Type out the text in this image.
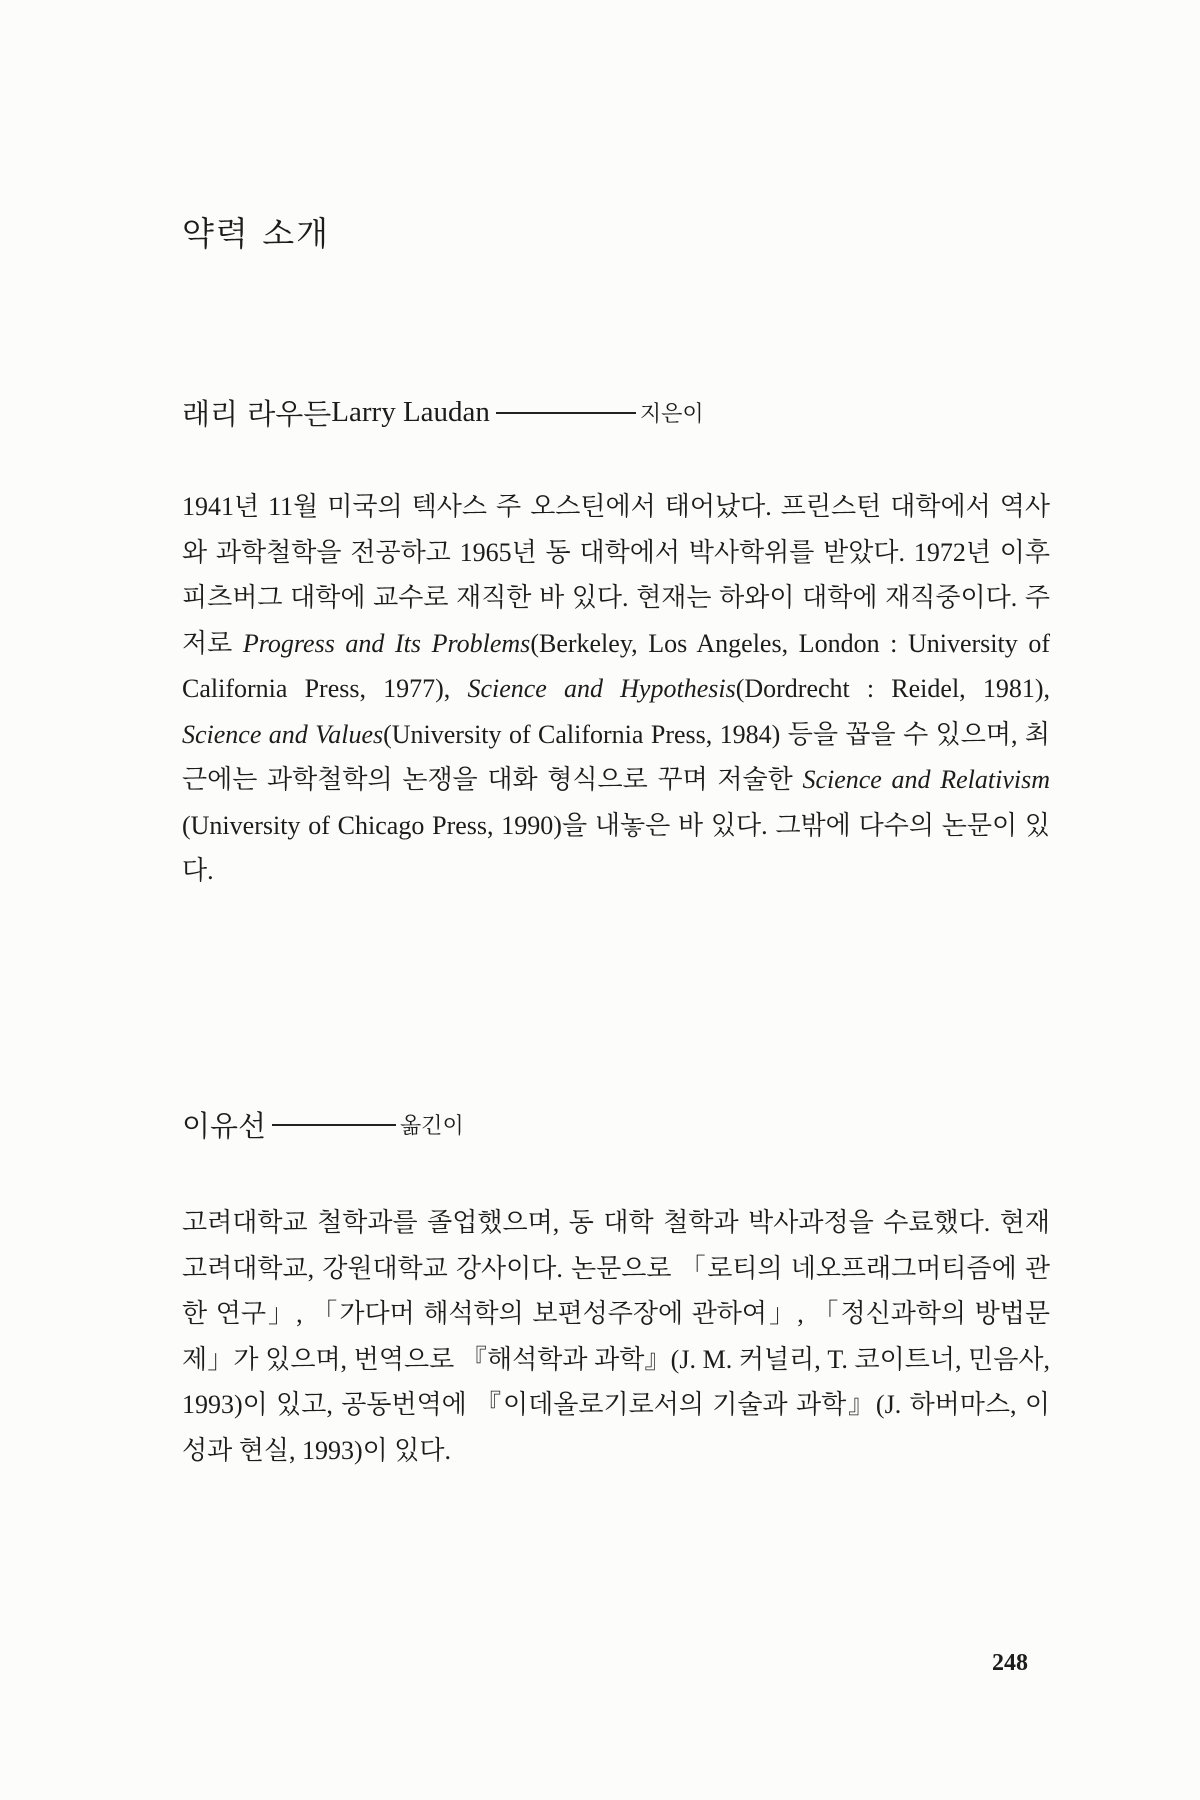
약력 소개
래리 라우든 Larry Laudan	지은이

1941년 11월 미국의 텍사스 주 오스틴에서 태어났다. 프린스턴 대학에서 역사와 과학철학을 전공하고 1965년 동 대학에서 박사학위를 받았다. 1972년 이후 피츠버그 대학에 교수로 재직한 바 있다. 현재는 하와이 대학에 재직중이다. 주저로 Progress and Its Problems(Berkeley, Los Angeles, London : University of California Press, 1977), Science and Hypothesis(Dordrecht : Reidel, 1981), Science and Values(University of California Press, 1984) 등을 꼽을 수 있으며, 최근에는 과학철학의 논쟁을 대화 형식으로 꾸며 저술한 Science and Relativism (University of Chicago Press, 1990)을 내놓은 바 있다. 그밖에 다수의 논문이 있다.

이유선	옮긴이

고려대학교 철학과를 졸업했으며, 동 대학 철학과 박사과정을 수료했다. 현재 고려대학교, 강원대학교 강사이다. 논문으로 「로티의 네오프래그머티즘에 관한 연구」, 「가다머 해석학의 보편성주장에 관하여」, 「정신과학의 방법문제」가 있으며, 번역으로 『해석학과 과학』(J. M. 커널리, T. 코이트너, 민음사, 1993)이 있고, 공동번역에 『이데올로기로서의 기술과 과학』(J. 하버마스, 이성과 현실, 1993)이 있다.

248
